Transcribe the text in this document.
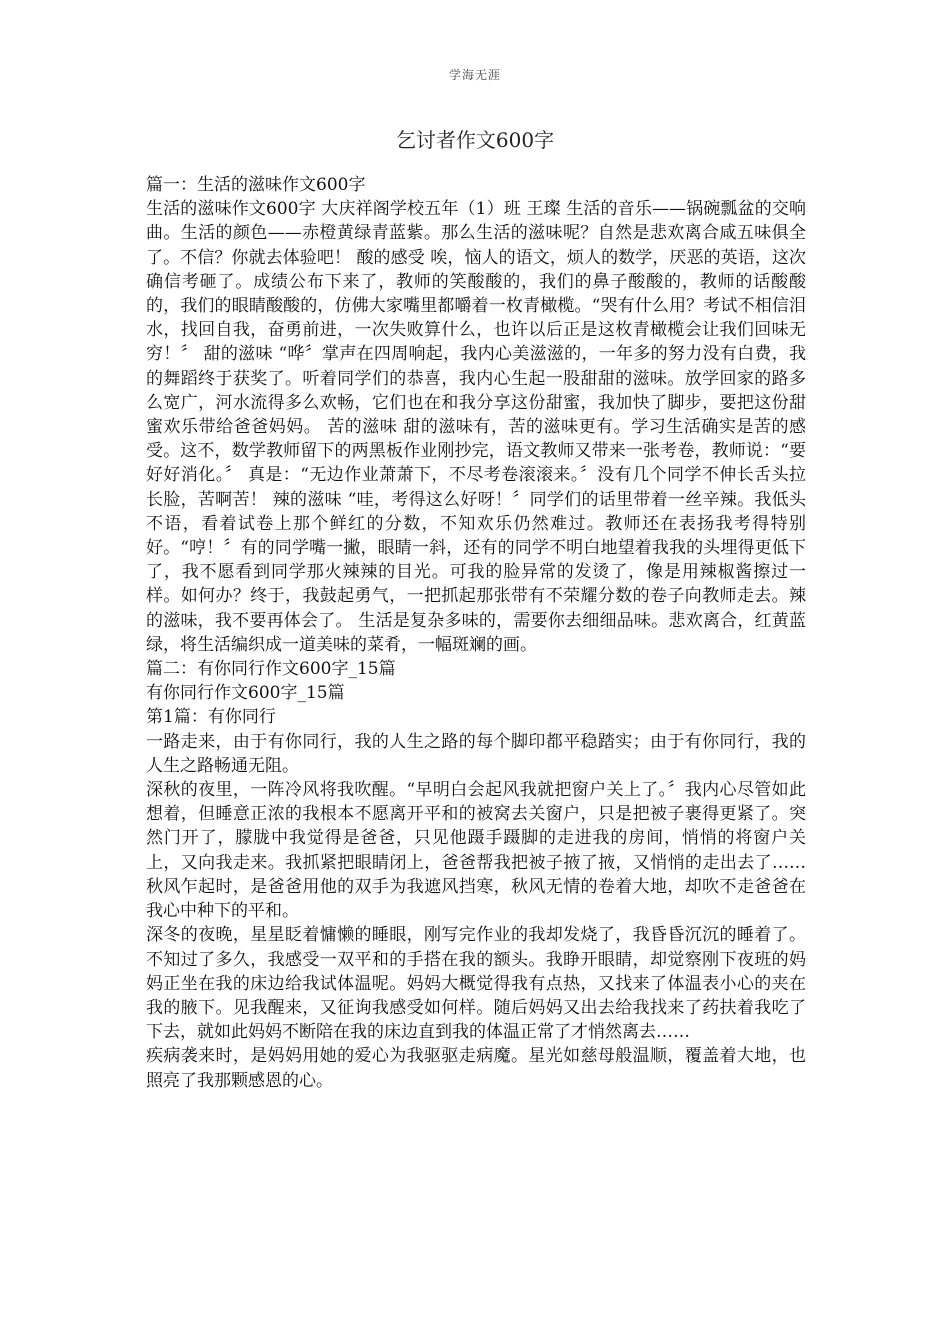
学海无涯
乞讨者作文600字

篇一：生活的滋味作文600字

生活的滋味作文600字 大庆祥阁学校五年（1）班 王璨 生活的音乐——锅碗瓢盆的交响曲。生活的颜色——赤橙黄绿青蓝紫。那么生活的滋味呢？自然是悲欢离合咸五味俱全了。不信？你就去体验吧！ 酸的感受 唉，恼人的语文，烦人的数学，厌恶的英语，这次确信考砸了。成绩公布下来了，教师的笑酸酸的，我们的鼻子酸酸的，教师的话酸酸的，我们的眼睛酸酸的，仿佛大家嘴里都嚼着一枚青橄榄。“哭有什么用？考试不相信泪水，找回自我，奋勇前进，一次失败算什么，也许以后正是这枚青橄榄会让我们回味无穷！〞 甜的滋味 “哗〞掌声在四周响起，我内心美滋滋的，一年多的努力没有白费，我的舞蹈终于获奖了。听着同学们的恭喜，我内心生起一股甜甜的滋味。放学回家的路多么宽广，河水流得多么欢畅，它们也在和我分享这份甜蜜，我加快了脚步，要把这份甜蜜欢乐带给爸爸妈妈。 苦的滋味 甜的滋味有，苦的滋味更有。学习生活确实是苦的感受。这不，数学教师留下的两黑板作业刚抄完，语文教师又带来一张考卷，教师说：“要好好消化。〞 真是：“无边作业萧萧下，不尽考卷滚滚来。〞没有几个同学不伸长舌头拉长脸，苦啊苦！ 辣的滋味 “哇，考得这么好呀！〞同学们的话里带着一丝辛辣。我低头不语，看着试卷上那个鲜红的分数，不知欢乐仍然难过。教师还在表扬我考得特别好。“哼！〞有的同学嘴一撇，眼睛一斜，还有的同学不明白地望着我我的头埋得更低下了，我不愿看到同学那火辣辣的目光。可我的脸异常的发烫了，像是用辣椒酱擦过一样。如何办？终于，我鼓起勇气，一把抓起那张带有不荣耀分数的卷子向教师走去。辣的滋味，我不要再体会了。 生活是复杂多味的，需要你去细细品味。悲欢离合，红黄蓝绿，将生活编织成一道美味的菜肴，一幅斑斓的画。

篇二：有你同行作文600字_15篇

有你同行作文600字_15篇

第1篇：有你同行

一路走来，由于有你同行，我的人生之路的每个脚印都平稳踏实；由于有你同行，我的人生之路畅通无阻。

深秋的夜里，一阵冷风将我吹醒。“早明白会起风我就把窗户关上了。〞我内心尽管如此想着，但睡意正浓的我根本不愿离开平和的被窝去关窗户，只是把被子裹得更紧了。突然门开了，朦胧中我觉得是爸爸，只见他蹑手蹑脚的走进我的房间，悄悄的将窗户关上，又向我走来。我抓紧把眼睛闭上，爸爸帮我把被子掖了掖，又悄悄的走出去了…… 秋风乍起时，是爸爸用他的双手为我遮风挡寒，秋风无情的卷着大地，却吹不走爸爸在我心中种下的平和。

深冬的夜晚，星星眨着慵懒的睡眼，刚写完作业的我却发烧了，我昏昏沉沉的睡着了。不知过了多久，我感受一双平和的手搭在我的额头。我睁开眼睛，却觉察刚下夜班的妈妈正坐在我的床边给我试体温呢。妈妈大概觉得我有点热，又找来了体温表小心的夹在我的腋下。见我醒来，又征询我感受如何样。随后妈妈又出去给我找来了药扶着我吃了下去，就如此妈妈不断陪在我的床边直到我的体温正常了才悄然离去……

疾病袭来时，是妈妈用她的爱心为我驱驱走病魔。星光如慈母般温顺，覆盖着大地，也照亮了我那颗感恩的心。
